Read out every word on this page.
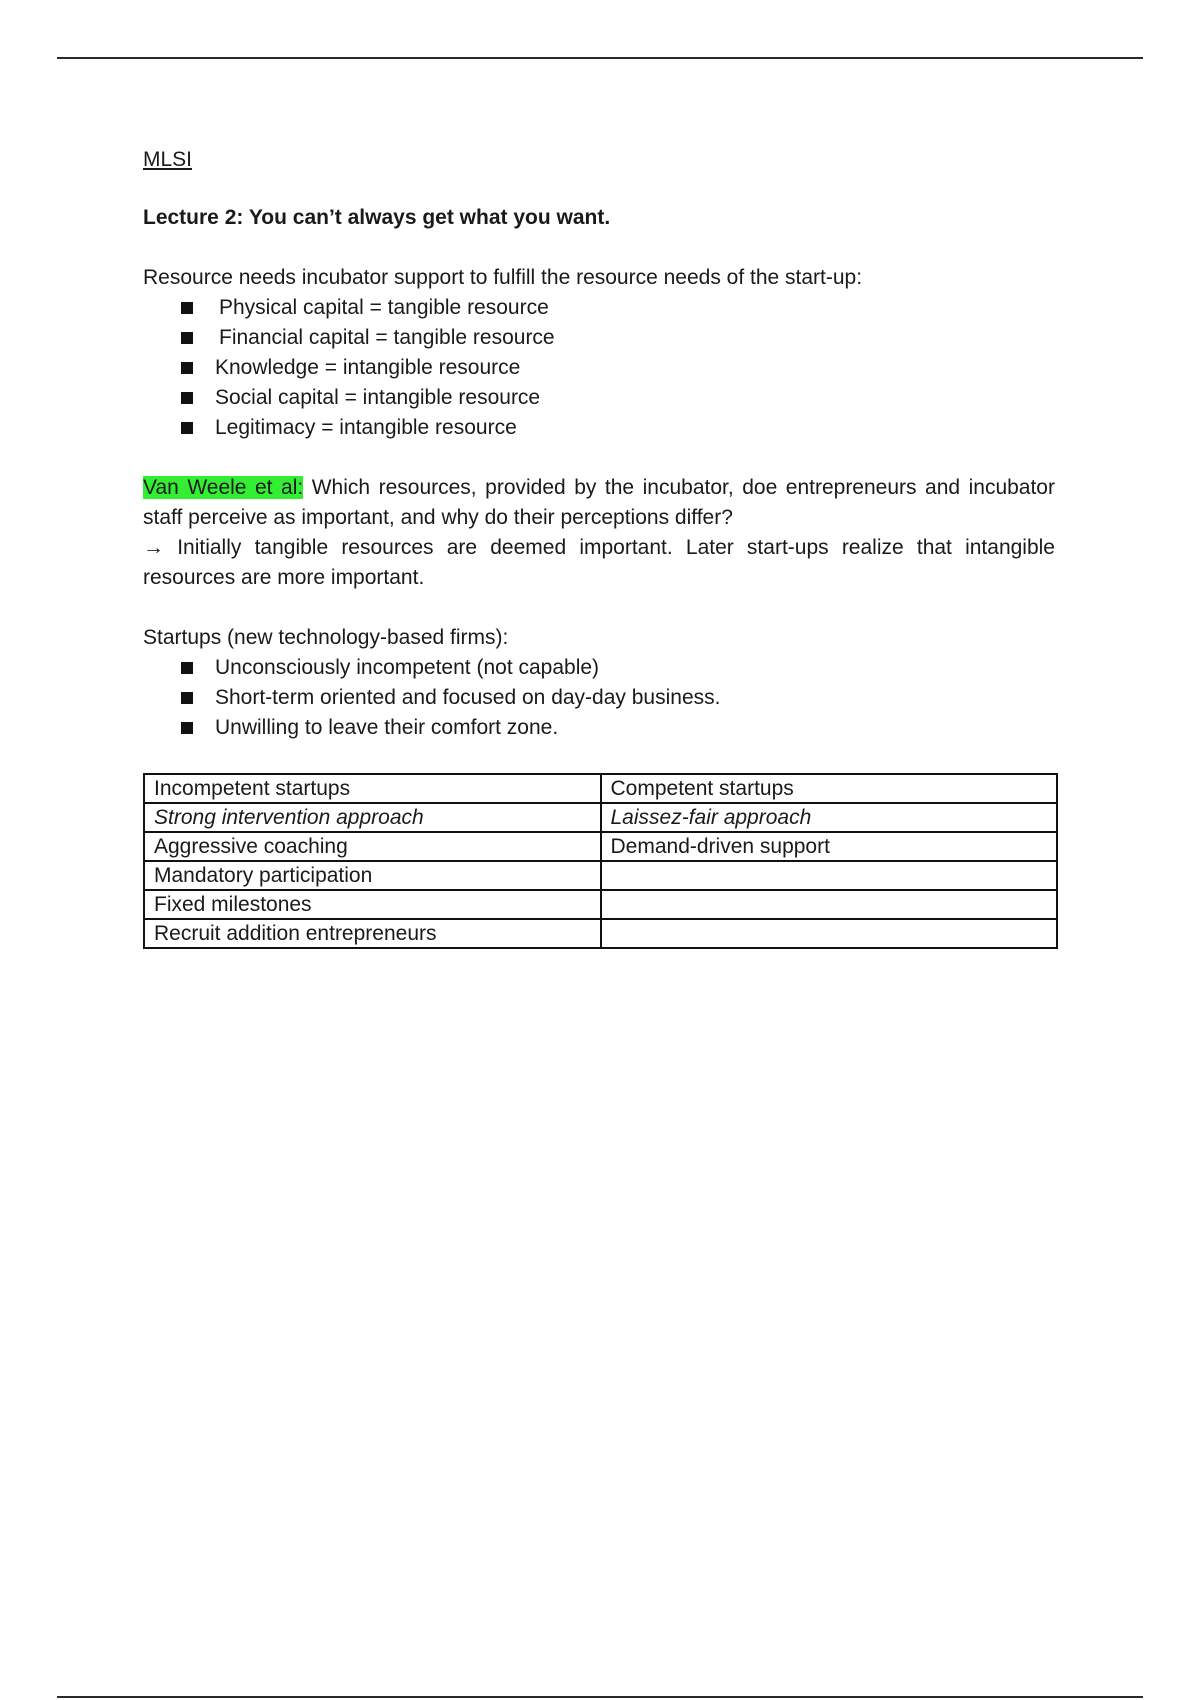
MLSI

Lecture 2: You can’t always get what you want.

Resource needs incubator support to fulfill the resource needs of the start-up:

Physical capital = tangible resource
Financial capital = tangible resource
Knowledge = intangible resource
Social capital = intangible resource
Legitimacy = intangible resource

Van Weele et al: Which resources, provided by the incubator, doe entrepreneurs and incubator staff perceive as important, and why do their perceptions differ?
→ Initially tangible resources are deemed important. Later start-ups realize that intangible resources are more important.

Startups (new technology-based firms):

Unconsciously incompetent (not capable)
Short-term oriented and focused on day-day business.
Unwilling to leave their comfort zone.
Incompetent startups	Competent startups
Strong intervention approach	Laissez-fair approach
Aggressive coaching	Demand-driven support
Mandatory participation	
Fixed milestones	
Recruit addition entrepreneurs	
